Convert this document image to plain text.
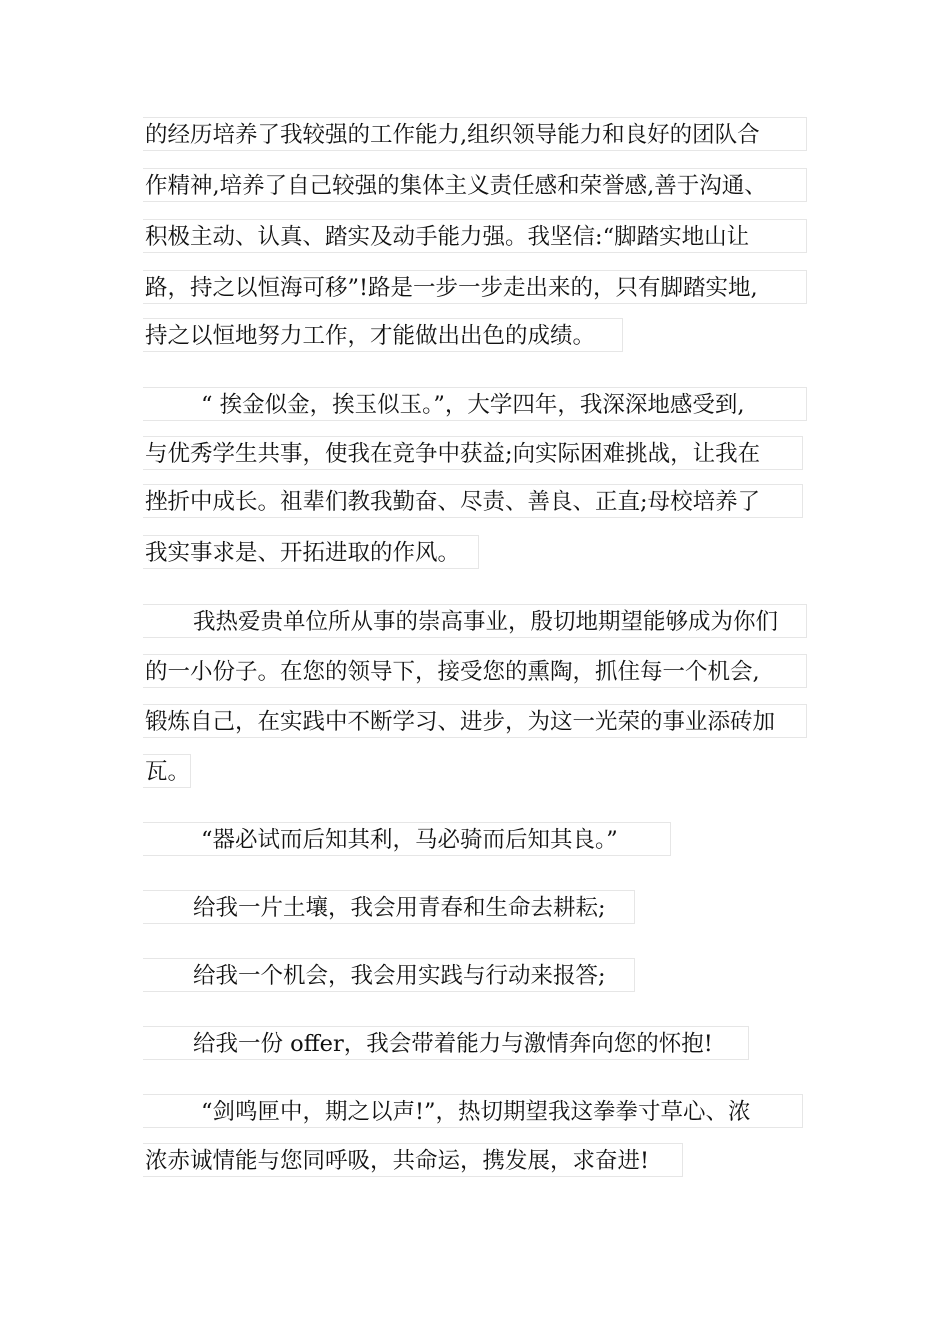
的经历培养了我较强的工作能力,组织领导能力和良好的团队合
作精神,培养了自己较强的集体主义责任感和荣誉感,善于沟通、
积极主动、认真、踏实及动手能力强。我坚信:“脚踏实地山让
路，持之以恒海可移”!路是一步一步走出来的，只有脚踏实地,
持之以恒地努力工作，才能做出出色的成绩。
“ 挨金似金，挨玉似玉。”，大学四年，我深深地感受到,
与优秀学生共事，使我在竞争中获益;向实际困难挑战，让我在
挫折中成长。祖辈们教我勤奋、尽责、善良、正直;母校培养了
我实事求是、开拓进取的作风。
我热爱贵单位所从事的崇高事业，殷切地期望能够成为你们
的一小份子。在您的领导下，接受您的熏陶，抓住每一个机会,
锻炼自己，在实践中不断学习、进步，为这一光荣的事业添砖加
瓦。
“器必试而后知其利，马必骑而后知其良。”
给我一片土壤，我会用青春和生命去耕耘;
给我一个机会，我会用实践与行动来报答;
给我一份 offer，我会带着能力与激情奔向您的怀抱!
“剑鸣匣中，期之以声!”，热切期望我这拳拳寸草心、浓
浓赤诚情能与您同呼吸，共命运，携发展，求奋进!
